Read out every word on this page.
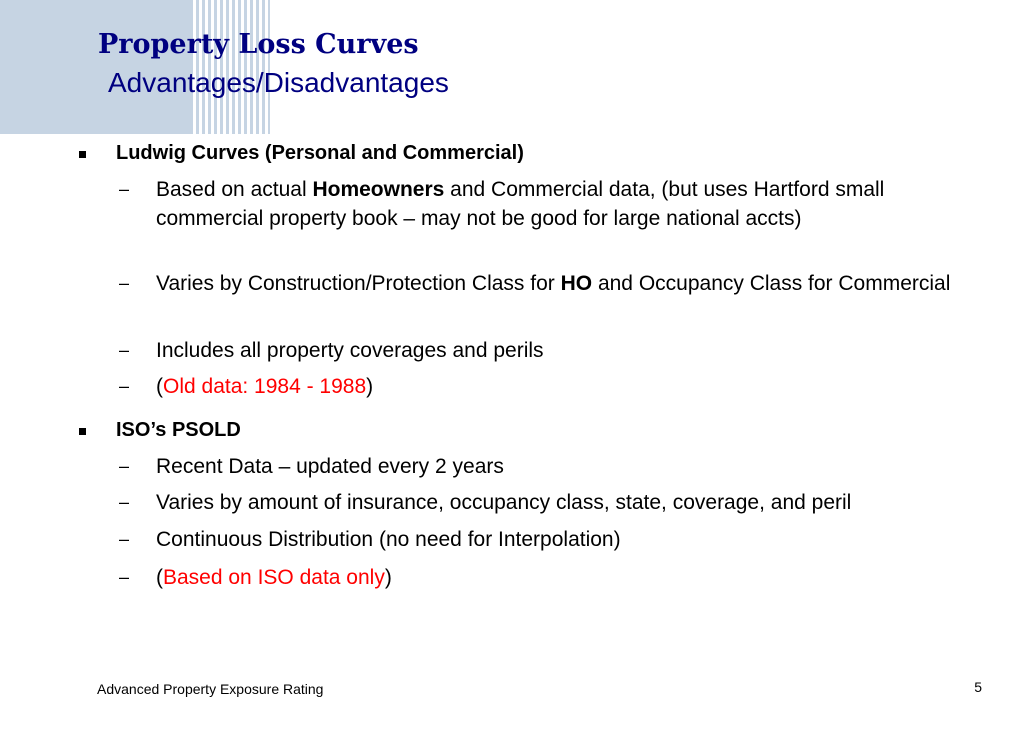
Property Loss Curves
Advantages/Disadvantages
Ludwig Curves (Personal and Commercial)
– Based on actual Homeowners and Commercial data, (but uses Hartford small commercial property book – may not be good for large national accts)
– Varies by Construction/Protection Class for HO and Occupancy Class for Commercial
– Includes all property coverages and perils
– (Old data: 1984 - 1988)
ISO’s PSOLD
– Recent Data – updated every 2 years
– Varies by amount of insurance, occupancy class, state, coverage, and peril
– Continuous Distribution (no need for Interpolation)
– (Based on ISO data only)
Advanced Property Exposure Rating	5
